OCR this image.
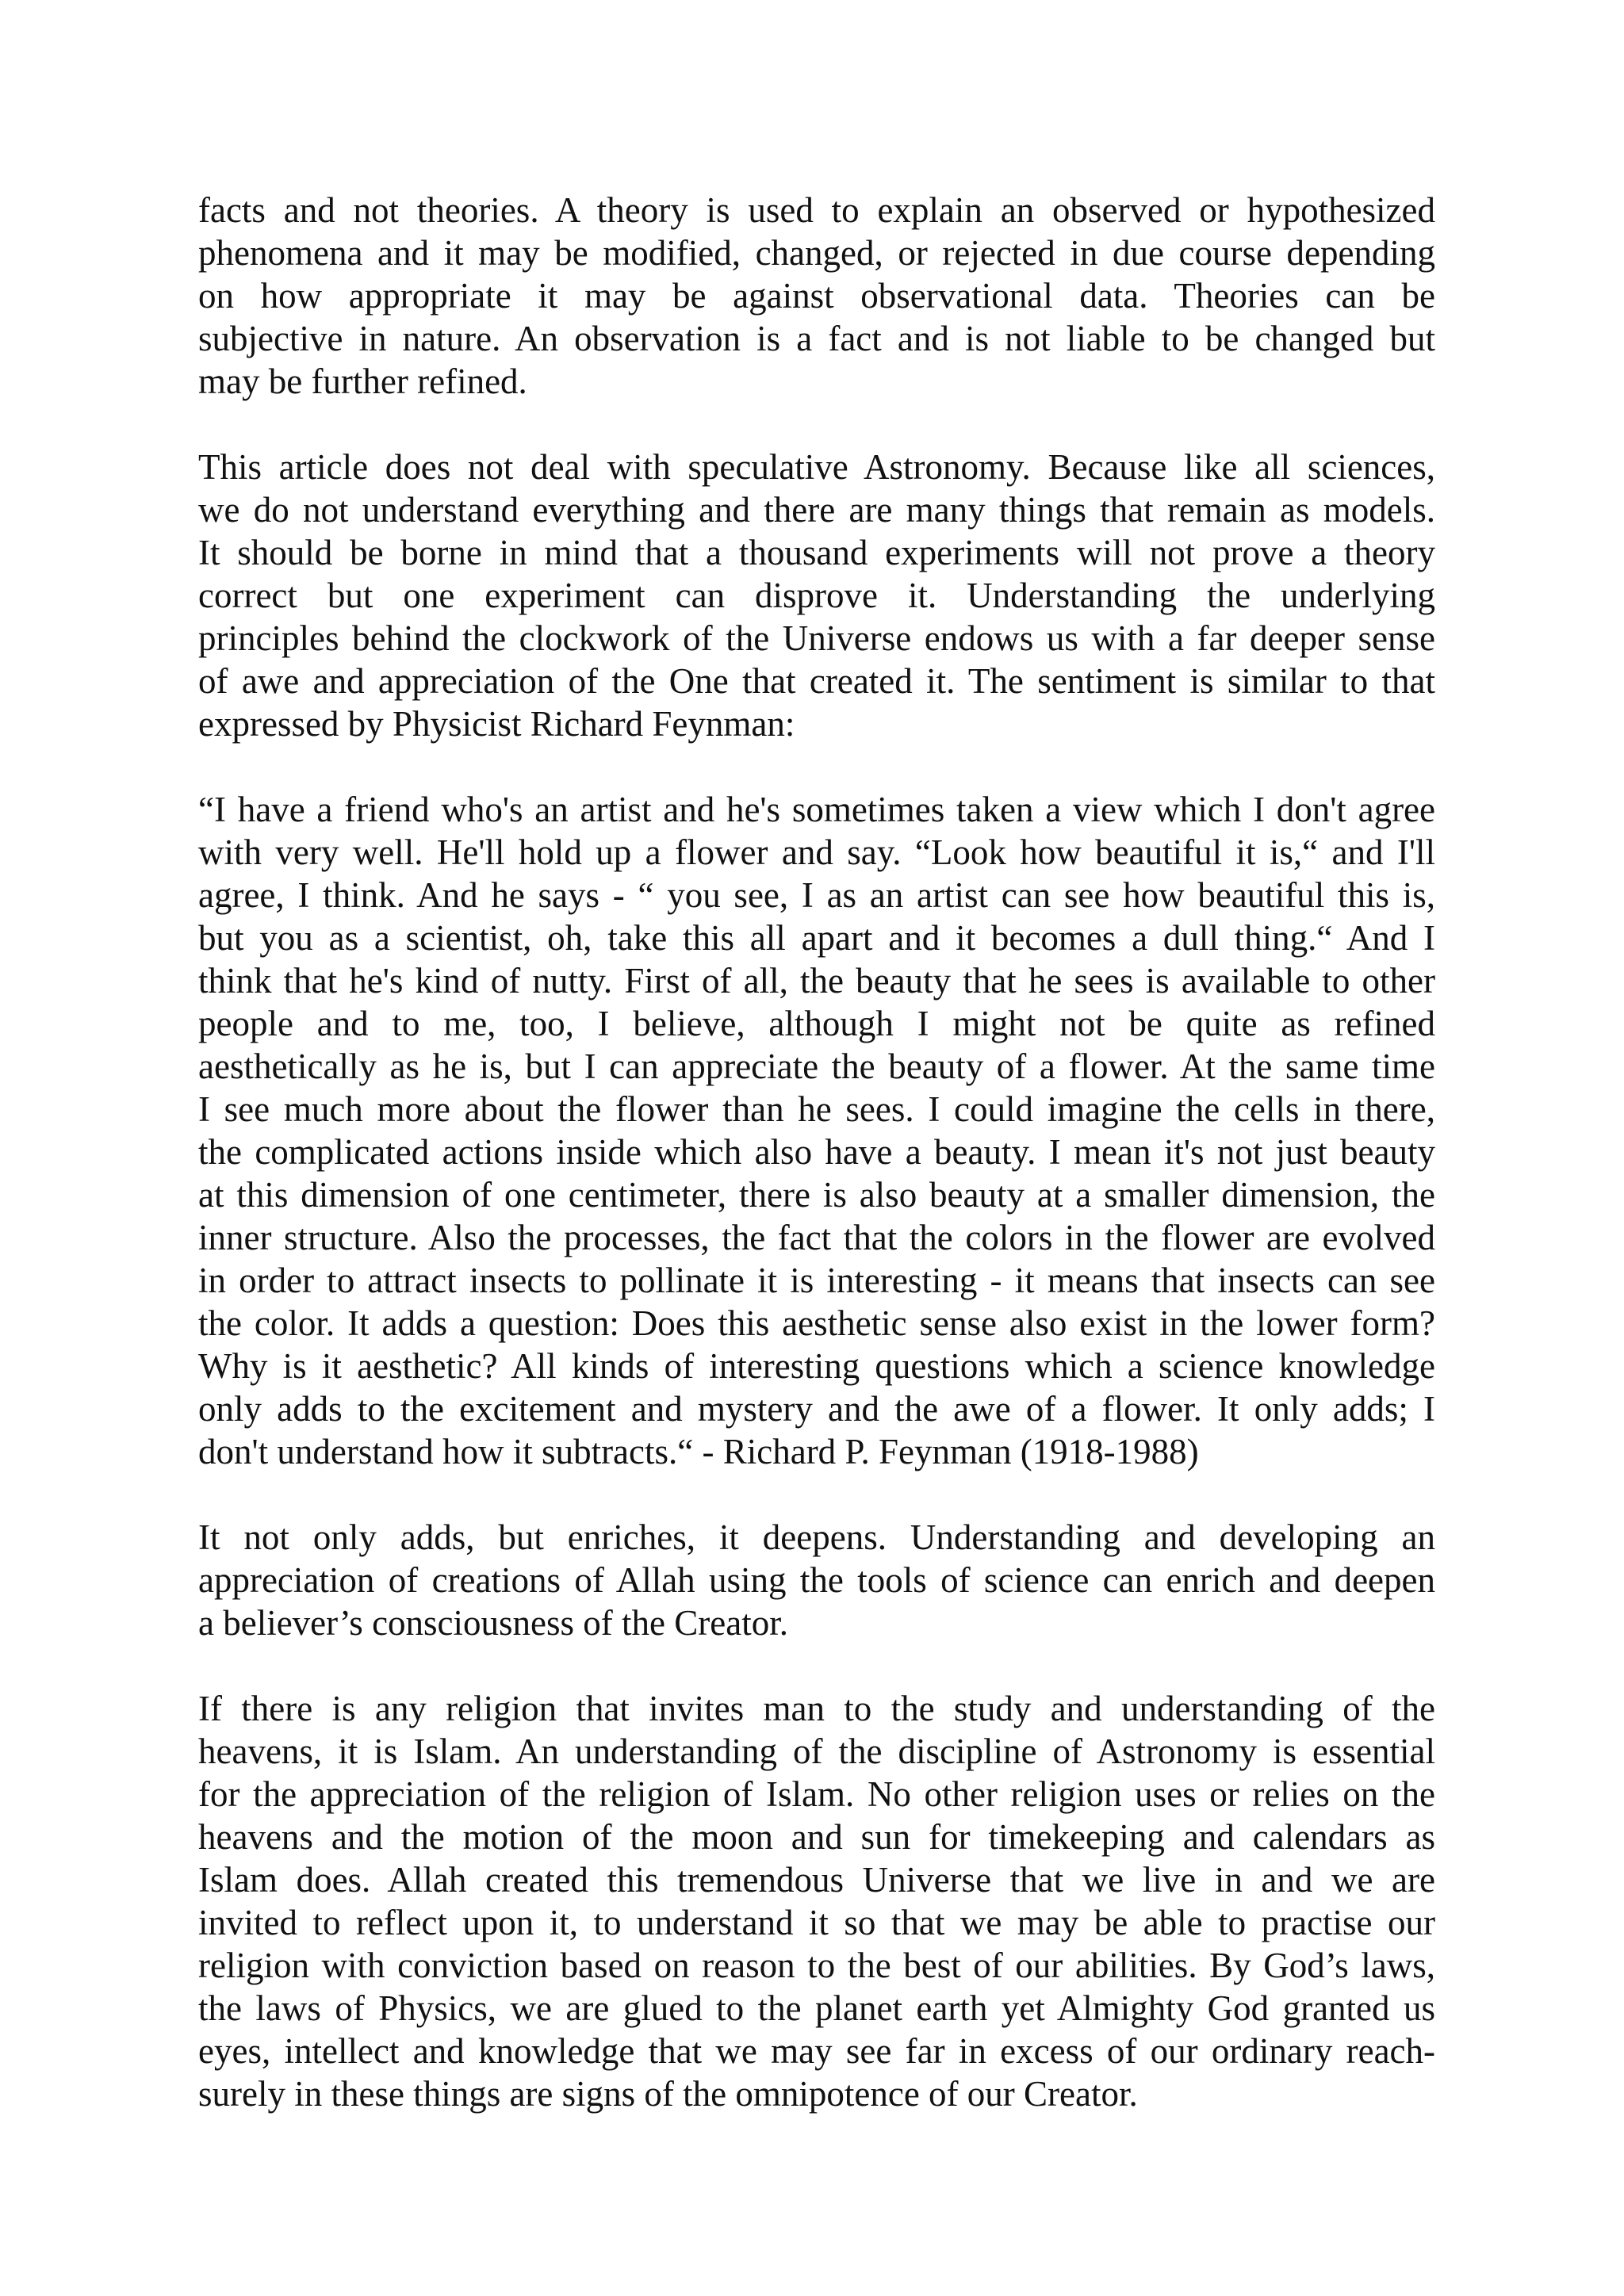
facts and not theories. A theory is used to explain an observed or hypothesized
phenomena and it may be modified, changed, or rejected in due course depending
on how appropriate it may be against observational data. Theories can be
subjective in nature. An observation is a fact and is not liable to be changed but
may be further refined.

This article does not deal with speculative Astronomy. Because like all sciences,
we do not understand everything and there are many things that remain as models.
It should be borne in mind that a thousand experiments will not prove a theory
correct but one experiment can disprove it. Understanding the underlying
principles behind the clockwork of the Universe endows us with a far deeper sense
of awe and appreciation of the One that created it. The sentiment is similar to that
expressed by Physicist Richard Feynman:

“I have a friend who's an artist and he's sometimes taken a view which I don't agree
with very well. He'll hold up a flower and say. “Look how beautiful it is,“ and I'll
agree, I think. And he says - “ you see, I as an artist can see how beautiful this is,
but you as a scientist, oh, take this all apart and it becomes a dull thing.“ And I
think that he's kind of nutty. First of all, the beauty that he sees is available to other
people and to me, too, I believe, although I might not be quite as refined
aesthetically as he is, but I can appreciate the beauty of a flower. At the same time
I see much more about the flower than he sees. I could imagine the cells in there,
the complicated actions inside which also have a beauty. I mean it's not just beauty
at this dimension of one centimeter, there is also beauty at a smaller dimension, the
inner structure. Also the processes, the fact that the colors in the flower are evolved
in order to attract insects to pollinate it is interesting - it means that insects can see
the color. It adds a question: Does this aesthetic sense also exist in the lower form?
Why is it aesthetic? All kinds of interesting questions which a science knowledge
only adds to the excitement and mystery and the awe of a flower. It only adds; I
don't understand how it subtracts.“ - Richard P. Feynman (1918-1988)

It not only adds, but enriches, it deepens. Understanding and developing an
appreciation of creations of Allah using the tools of science can enrich and deepen
a believer’s consciousness of the Creator.

If there is any religion that invites man to the study and understanding of the
heavens, it is Islam. An understanding of the discipline of Astronomy is essential
for the appreciation of the religion of Islam. No other religion uses or relies on the
heavens and the motion of the moon and sun for timekeeping and calendars as
Islam does. Allah created this tremendous Universe that we live in and we are
invited to reflect upon it, to understand it so that we may be able to practise our
religion with conviction based on reason to the best of our abilities. By God’s laws,
the laws of Physics, we are glued to the planet earth yet Almighty God granted us
eyes, intellect and knowledge that we may see far in excess of our ordinary reach-
surely in these things are signs of the omnipotence of our Creator.
